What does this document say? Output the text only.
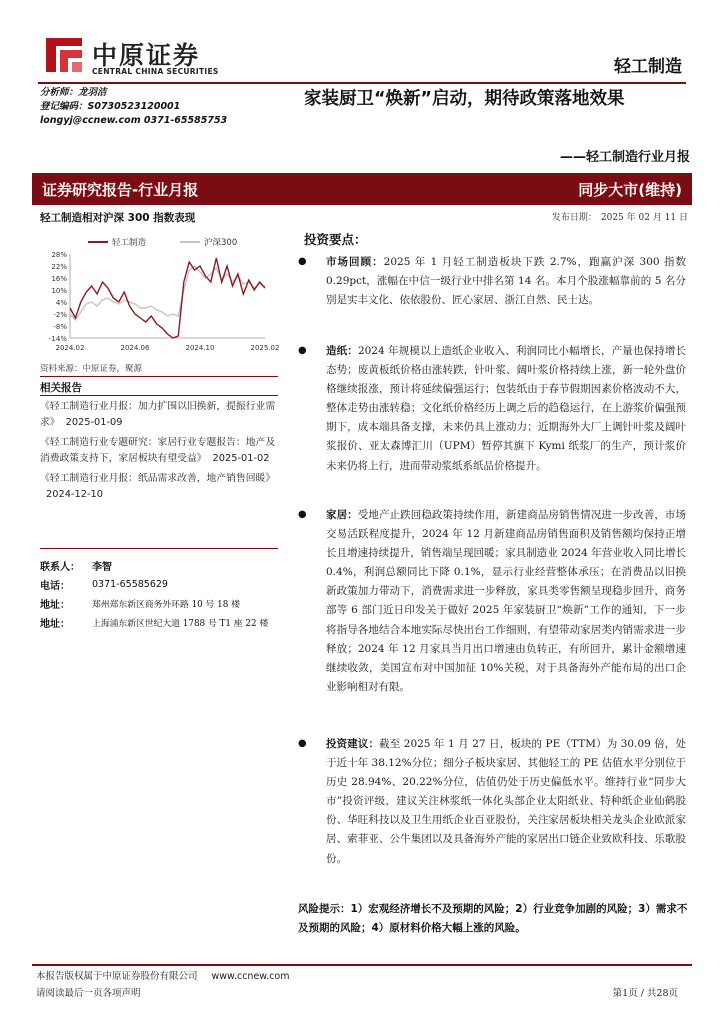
中原证券
CENTRAL CHINA SECURITIES	轻工制造
分析师：龙羽洁
登记编码：S0730523120001
longyj@ccnew.com 0371-65585753
家装厨卫“焕新”启动，期待政策落地效果
——轻工制造行业月报
证券研究报告-行业月报	同步大市(维持)
轻工制造相对沪深 300 指数表现	发布日期： 2025 年 02 月 11 日
轻工制造	沪深300
28%
22%
16%
10%
4%
-2%
-8%
-14%
2024.02	2024.06	2024.10	2025.02
资料来源：中原证券，聚源
相关报告
《轻工制造行业月报：加力扩围以旧换新，提振行业需求》 2025-01-09
《轻工制造行业专题研究：家居行业专题报告：地产及消费政策支持下，家居板块有望受益》 2025-01-02
《轻工制造行业月报：纸品需求改善，地产销售回暖》2024-12-10
联系人：	李智
电话：	0371-65585629
地址：	郑州郑东新区商务外环路 10 号 18 楼
地址：	上海浦东新区世纪大道 1788 号 T1 座 22 楼
投资要点：
● 市场回顾：2025 年 1 月轻工制造板块下跌 2.7%，跑赢沪深 300 指数 0.29pct，涨幅在中信一级行业中排名第 14 名。本月个股涨幅靠前的 5 名分别是实丰文化、依依股份、匠心家居、浙江自然、民士达。
● 造纸：2024 年规模以上造纸企业收入、利润同比小幅增长，产量也保持增长态势；废黄板纸价格由涨转跌，针叶浆、阔叶浆价格持续上涨，新一轮外盘价格继续报涨，预计将延续偏强运行；包装纸由于春节假期因素价格波动不大，整体走势由涨转稳；文化纸价格经历上调之后的趋稳运行，在上游浆价偏强预期下，成本端具备支撑，未来仍具上涨动力；近期海外大厂上调针叶浆及阔叶浆报价、亚太森博汇川（UPM）暂停其旗下 Kymi 纸浆厂的生产，预计浆价未来仍将上行，进而带动浆纸系纸品价格提升。
● 家居：受地产止跌回稳政策持续作用，新建商品房销售情况进一步改善，市场交易活跃程度提升，2024 年 12 月新建商品房销售面积及销售额均保持正增长且增速持续提升，销售端呈现回暖；家具制造业 2024 年营业收入同比增长 0.4%，利润总额同比下降 0.1%，显示行业经营整体承压；在消费品以旧换新政策加力带动下，消费需求进一步释放，家具类零售额呈现稳步回升，商务部等 6 部门近日印发关于做好 2025 年家装厨卫“焕新”工作的通知，下一步将指导各地结合本地实际尽快出台工作细则，有望带动家居类内销需求进一步释放；2024 年 12 月家具当月出口增速由负转正，有所回升，累计金额增速继续收敛，美国宣布对中国加征 10%关税，对于具备海外产能布局的出口企业影响相对有限。
● 投资建议：截至 2025 年 1 月 27 日，板块的 PE（TTM）为 30.09 倍，处于近十年 38.12%分位；细分子板块家居、其他轻工的 PE 估值水平分别位于历史 28.94%、20.22%分位，估值仍处于历史偏低水平。维持行业“同步大市”投资评级，建议关注林浆纸一体化头部企业太阳纸业、特种纸企业仙鹤股份、华旺科技以及卫生用纸企业百亚股份，关注家居板块相关龙头企业欧派家居、索菲亚、公牛集团以及具备海外产能的家居出口链企业致欧科技、乐歌股份。
风险提示：1）宏观经济增长不及预期的风险；2）行业竞争加剧的风险；3）需求不及预期的风险；4）原材料价格大幅上涨的风险。
本报告版权属于中原证券股份有限公司 www.ccnew.com
请阅读最后一页各项声明	第1页 / 共28页
